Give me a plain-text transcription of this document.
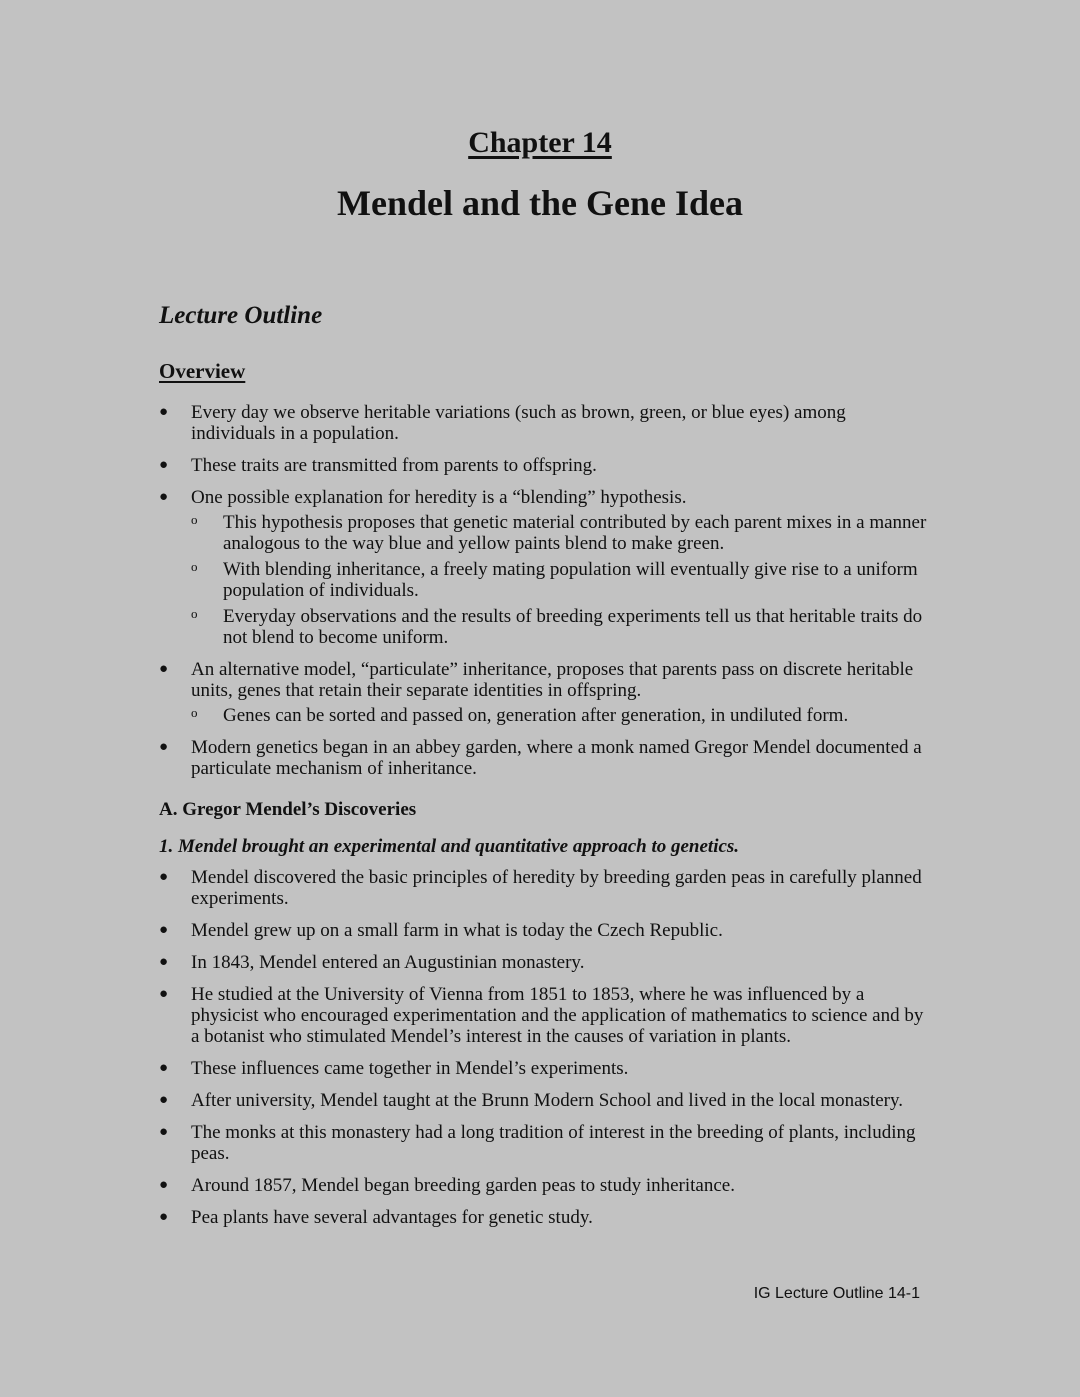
Chapter 14
Mendel and the Gene Idea
Lecture Outline
Overview
● Every day we observe heritable variations (such as brown, green, or blue eyes) among individuals in a population.
● These traits are transmitted from parents to offspring.
● One possible explanation for heredity is a “blending” hypothesis.
o This hypothesis proposes that genetic material contributed by each parent mixes in a manner analogous to the way blue and yellow paints blend to make green.
o With blending inheritance, a freely mating population will eventually give rise to a uniform population of individuals.
o Everyday observations and the results of breeding experiments tell us that heritable traits do not blend to become uniform.
● An alternative model, “particulate” inheritance, proposes that parents pass on discrete heritable units, genes that retain their separate identities in offspring.
o Genes can be sorted and passed on, generation after generation, in undiluted form.
● Modern genetics began in an abbey garden, where a monk named Gregor Mendel documented a particulate mechanism of inheritance.
A. Gregor Mendel’s Discoveries
1. Mendel brought an experimental and quantitative approach to genetics.
● Mendel discovered the basic principles of heredity by breeding garden peas in carefully planned experiments.
● Mendel grew up on a small farm in what is today the Czech Republic.
● In 1843, Mendel entered an Augustinian monastery.
● He studied at the University of Vienna from 1851 to 1853, where he was influenced by a physicist who encouraged experimentation and the application of mathematics to science and by a botanist who stimulated Mendel’s interest in the causes of variation in plants.
● These influences came together in Mendel’s experiments.
● After university, Mendel taught at the Brunn Modern School and lived in the local monastery.
● The monks at this monastery had a long tradition of interest in the breeding of plants, including peas.
● Around 1857, Mendel began breeding garden peas to study inheritance.
● Pea plants have several advantages for genetic study.
IG Lecture Outline 14-1
